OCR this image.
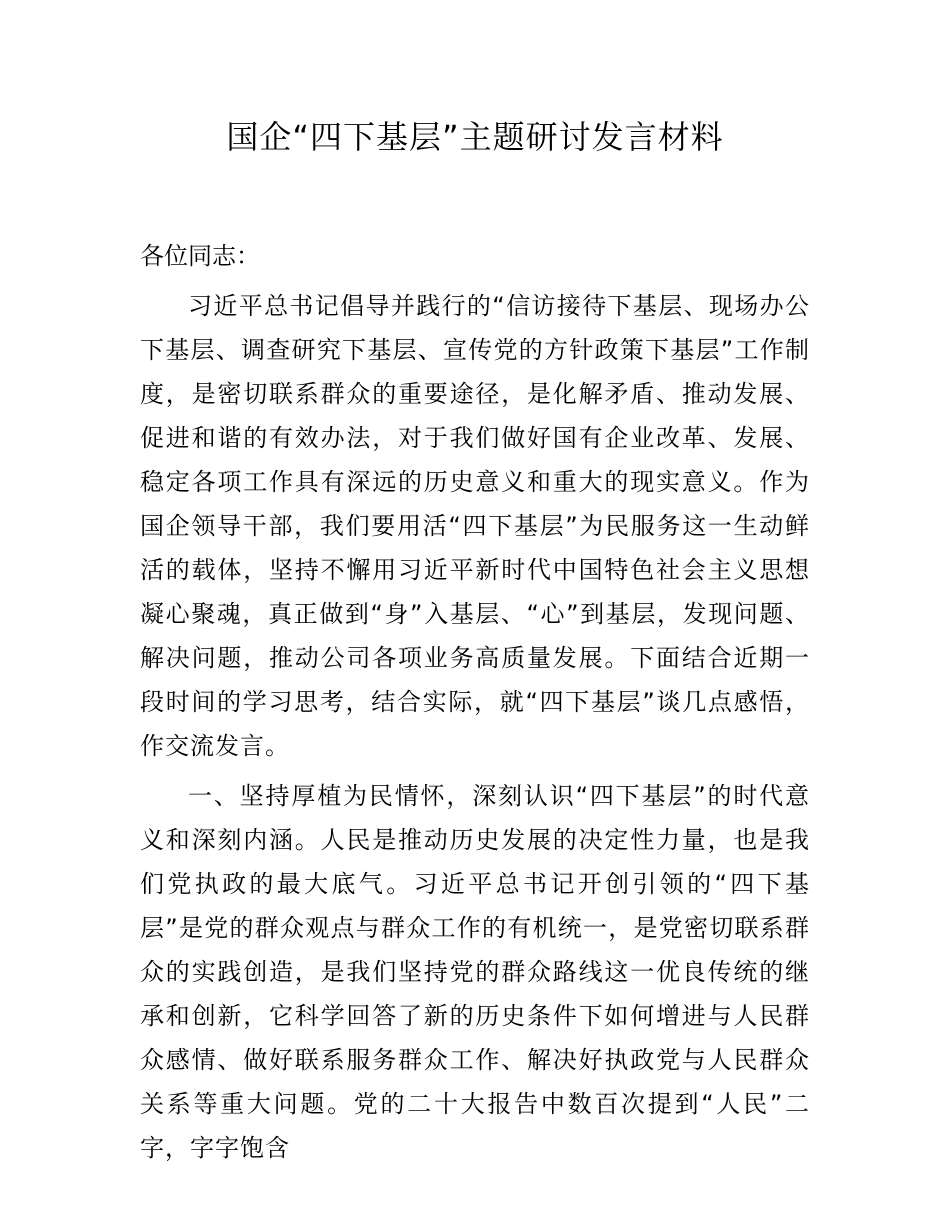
国企“四下基层”主题研讨发言材料

各位同志：

习近平总书记倡导并践行的“信访接待下基层、现场办公下基层、调查研究下基层、宣传党的方针政策下基层”工作制度，是密切联系群众的重要途径，是化解矛盾、推动发展、促进和谐的有效办法，对于我们做好国有企业改革、发展、稳定各项工作具有深远的历史意义和重大的现实意义。作为国企领导干部，我们要用活“四下基层”为民服务这一生动鲜活的载体，坚持不懈用习近平新时代中国特色社会主义思想凝心聚魂，真正做到“身”入基层、“心”到基层，发现问题、解决问题，推动公司各项业务高质量发展。下面结合近期一段时间的学习思考，结合实际，就“四下基层”谈几点感悟，作交流发言。

一、坚持厚植为民情怀，深刻认识“四下基层”的时代意义和深刻内涵。人民是推动历史发展的决定性力量，也是我们党执政的最大底气。习近平总书记开创引领的“四下基层”是党的群众观点与群众工作的有机统一，是党密切联系群众的实践创造，是我们坚持党的群众路线这一优良传统的继承和创新，它科学回答了新的历史条件下如何增进与人民群众感情、做好联系服务群众工作、解决好执政党与人民群众关系等重大问题。党的二十大报告中数百次提到“人民”二字，字字饱含
